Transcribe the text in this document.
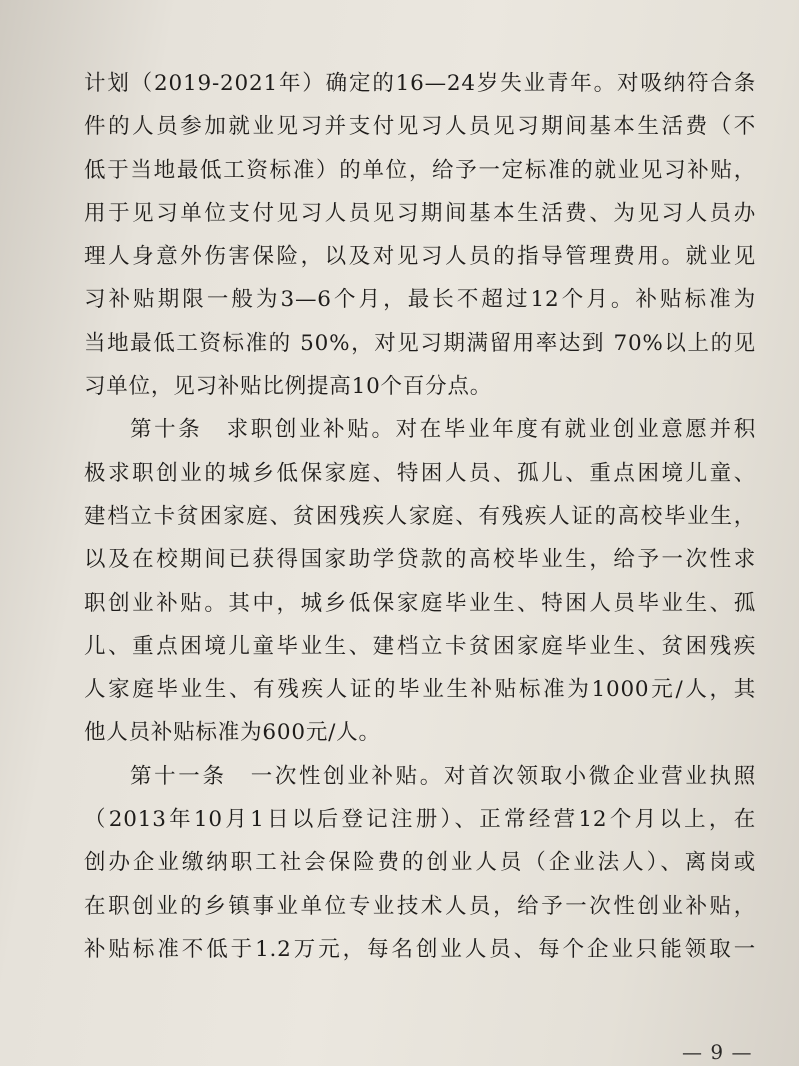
计划（2019-2021年）确定的16—24岁失业青年。对吸纳符合条
件的人员参加就业见习并支付见习人员见习期间基本生活费（不
低于当地最低工资标准）的单位，给予一定标准的就业见习补贴，
用于见习单位支付见习人员见习期间基本生活费、为见习人员办
理人身意外伤害保险，以及对见习人员的指导管理费用。就业见
习补贴期限一般为3—6个月，最长不超过12个月。补贴标准为
当地最低工资标准的 50%，对见习期满留用率达到 70%以上的见
习单位，见习补贴比例提高10个百分点。
第十条　求职创业补贴。对在毕业年度有就业创业意愿并积
极求职创业的城乡低保家庭、特困人员、孤儿、重点困境儿童、
建档立卡贫困家庭、贫困残疾人家庭、有残疾人证的高校毕业生，
以及在校期间已获得国家助学贷款的高校毕业生，给予一次性求
职创业补贴。其中，城乡低保家庭毕业生、特困人员毕业生、孤
儿、重点困境儿童毕业生、建档立卡贫困家庭毕业生、贫困残疾
人家庭毕业生、有残疾人证的毕业生补贴标准为1000元/人，其
他人员补贴标准为600元/人。
第十一条　一次性创业补贴。对首次领取小微企业营业执照
（2013年10月1日以后登记注册）、正常经营12个月以上，在
创办企业缴纳职工社会保险费的创业人员（企业法人）、离岗或
在职创业的乡镇事业单位专业技术人员，给予一次性创业补贴，
补贴标准不低于1.2万元，每名创业人员、每个企业只能领取一
— 9 —
